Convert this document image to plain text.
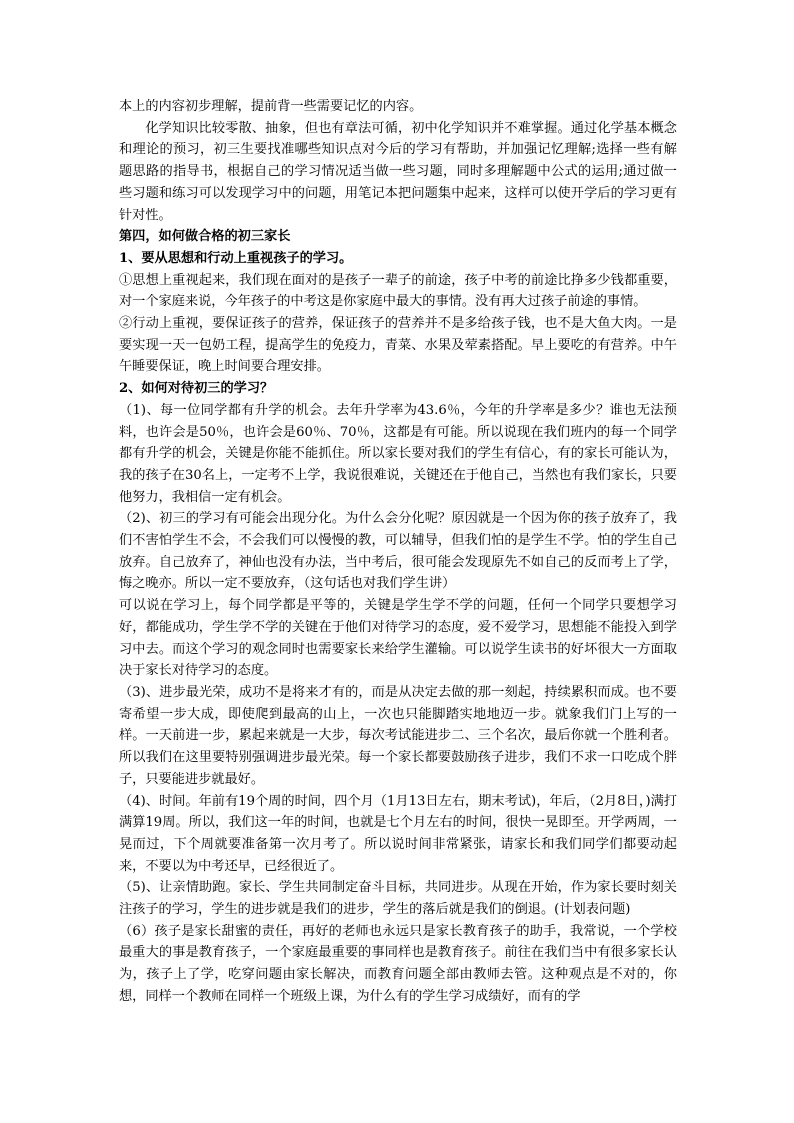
本上的内容初步理解，提前背一些需要记忆的内容。

化学知识比较零散、抽象，但也有章法可循，初中化学知识并不难掌握。通过化学基本概念和理论的预习，初三生要找准哪些知识点对今后的学习有帮助，并加强记忆理解;选择一些有解题思路的指导书，根据自己的学习情况适当做一些习题，同时多理解题中公式的运用;通过做一些习题和练习可以发现学习中的问题，用笔记本把问题集中起来，这样可以使开学后的学习更有针对性。

第四，如何做合格的初三家长

1、要从思想和行动上重视孩子的学习。

①思想上重视起来，我们现在面对的是孩子一辈子的前途，孩子中考的前途比挣多少钱都重要，对一个家庭来说，今年孩子的中考这是你家庭中最大的事情。没有再大过孩子前途的事情。

②行动上重视，要保证孩子的营养，保证孩子的营养并不是多给孩子钱，也不是大鱼大肉。一是要实现一天一包奶工程，提高学生的免疫力，青菜、水果及荤素搭配。早上要吃的有营养。中午午睡要保证，晚上时间要合理安排。

2、如何对待初三的学习？

（1)、每一位同学都有升学的机会。去年升学率为43.6％，今年的升学率是多少？谁也无法预料，也许会是50％，也许会是60％、70％，这都是有可能。所以说现在我们班内的每一个同学都有升学的机会，关键是你能不能抓住。所以家长要对我们的学生有信心，有的家长可能认为，我的孩子在30名上，一定考不上学，我说很难说，关键还在于他自己，当然也有我们家长，只要他努力，我相信一定有机会。

（2)、初三的学习有可能会出现分化。为什么会分化呢？原因就是一个因为你的孩子放弃了，我们不害怕学生不会，不会我们可以慢慢的教，可以辅导，但我们怕的是学生不学。怕的学生自己放弃。自己放弃了，神仙也没有办法，当中考后，很可能会发现原先不如自己的反而考上了学，悔之晚亦。所以一定不要放弃，（这句话也对我们学生讲）

可以说在学习上，每个同学都是平等的，关键是学生学不学的问题，任何一个同学只要想学习好，都能成功，学生学不学的关键在于他们对待学习的态度，爱不爱学习，思想能不能投入到学习中去。而这个学习的观念同时也需要家长来给学生灌输。可以说学生读书的好坏很大一方面取决于家长对待学习的态度。

（3)、进步最光荣，成功不是将来才有的，而是从决定去做的那一刻起，持续累积而成。也不要寄希望一步大成，即使爬到最高的山上，一次也只能脚踏实地地迈一步。就象我们门上写的一样。一天前进一步，累起来就是一大步，每次考试能进步二、三个名次，最后你就一个胜利者。所以我们在这里要特别强调进步最光荣。每一个家长都要鼓励孩子进步，我们不求一口吃成个胖子，只要能进步就最好。

（4)、时间。年前有19个周的时间，四个月（1月13日左右，期末考试)，年后，（2月8日，)满打满算19周。所以，我们这一年的时间，也就是七个月左右的时间，很快一晃即至。开学两周，一晃而过，下个周就要准备第一次月考了。所以说时间非常紧张，请家长和我们同学们都要动起来，不要以为中考还早，已经很近了。

（5)、让亲情助跑。家长、学生共同制定奋斗目标，共同进步。从现在开始，作为家长要时刻关注孩子的学习，学生的进步就是我们的进步，学生的落后就是我们的倒退。(计划表问题)

（6）孩子是家长甜蜜的责任，再好的老师也永远只是家长教育孩子的助手，我常说，一个学校最重大的事是教育孩子，一个家庭最重要的事同样也是教育孩子。前往在我们当中有很多家长认为，孩子上了学，吃穿问题由家长解决，而教育问题全部由教师去管。这种观点是不对的，你想，同样一个教师在同样一个班级上课，为什么有的学生学习成绩好，而有的学
